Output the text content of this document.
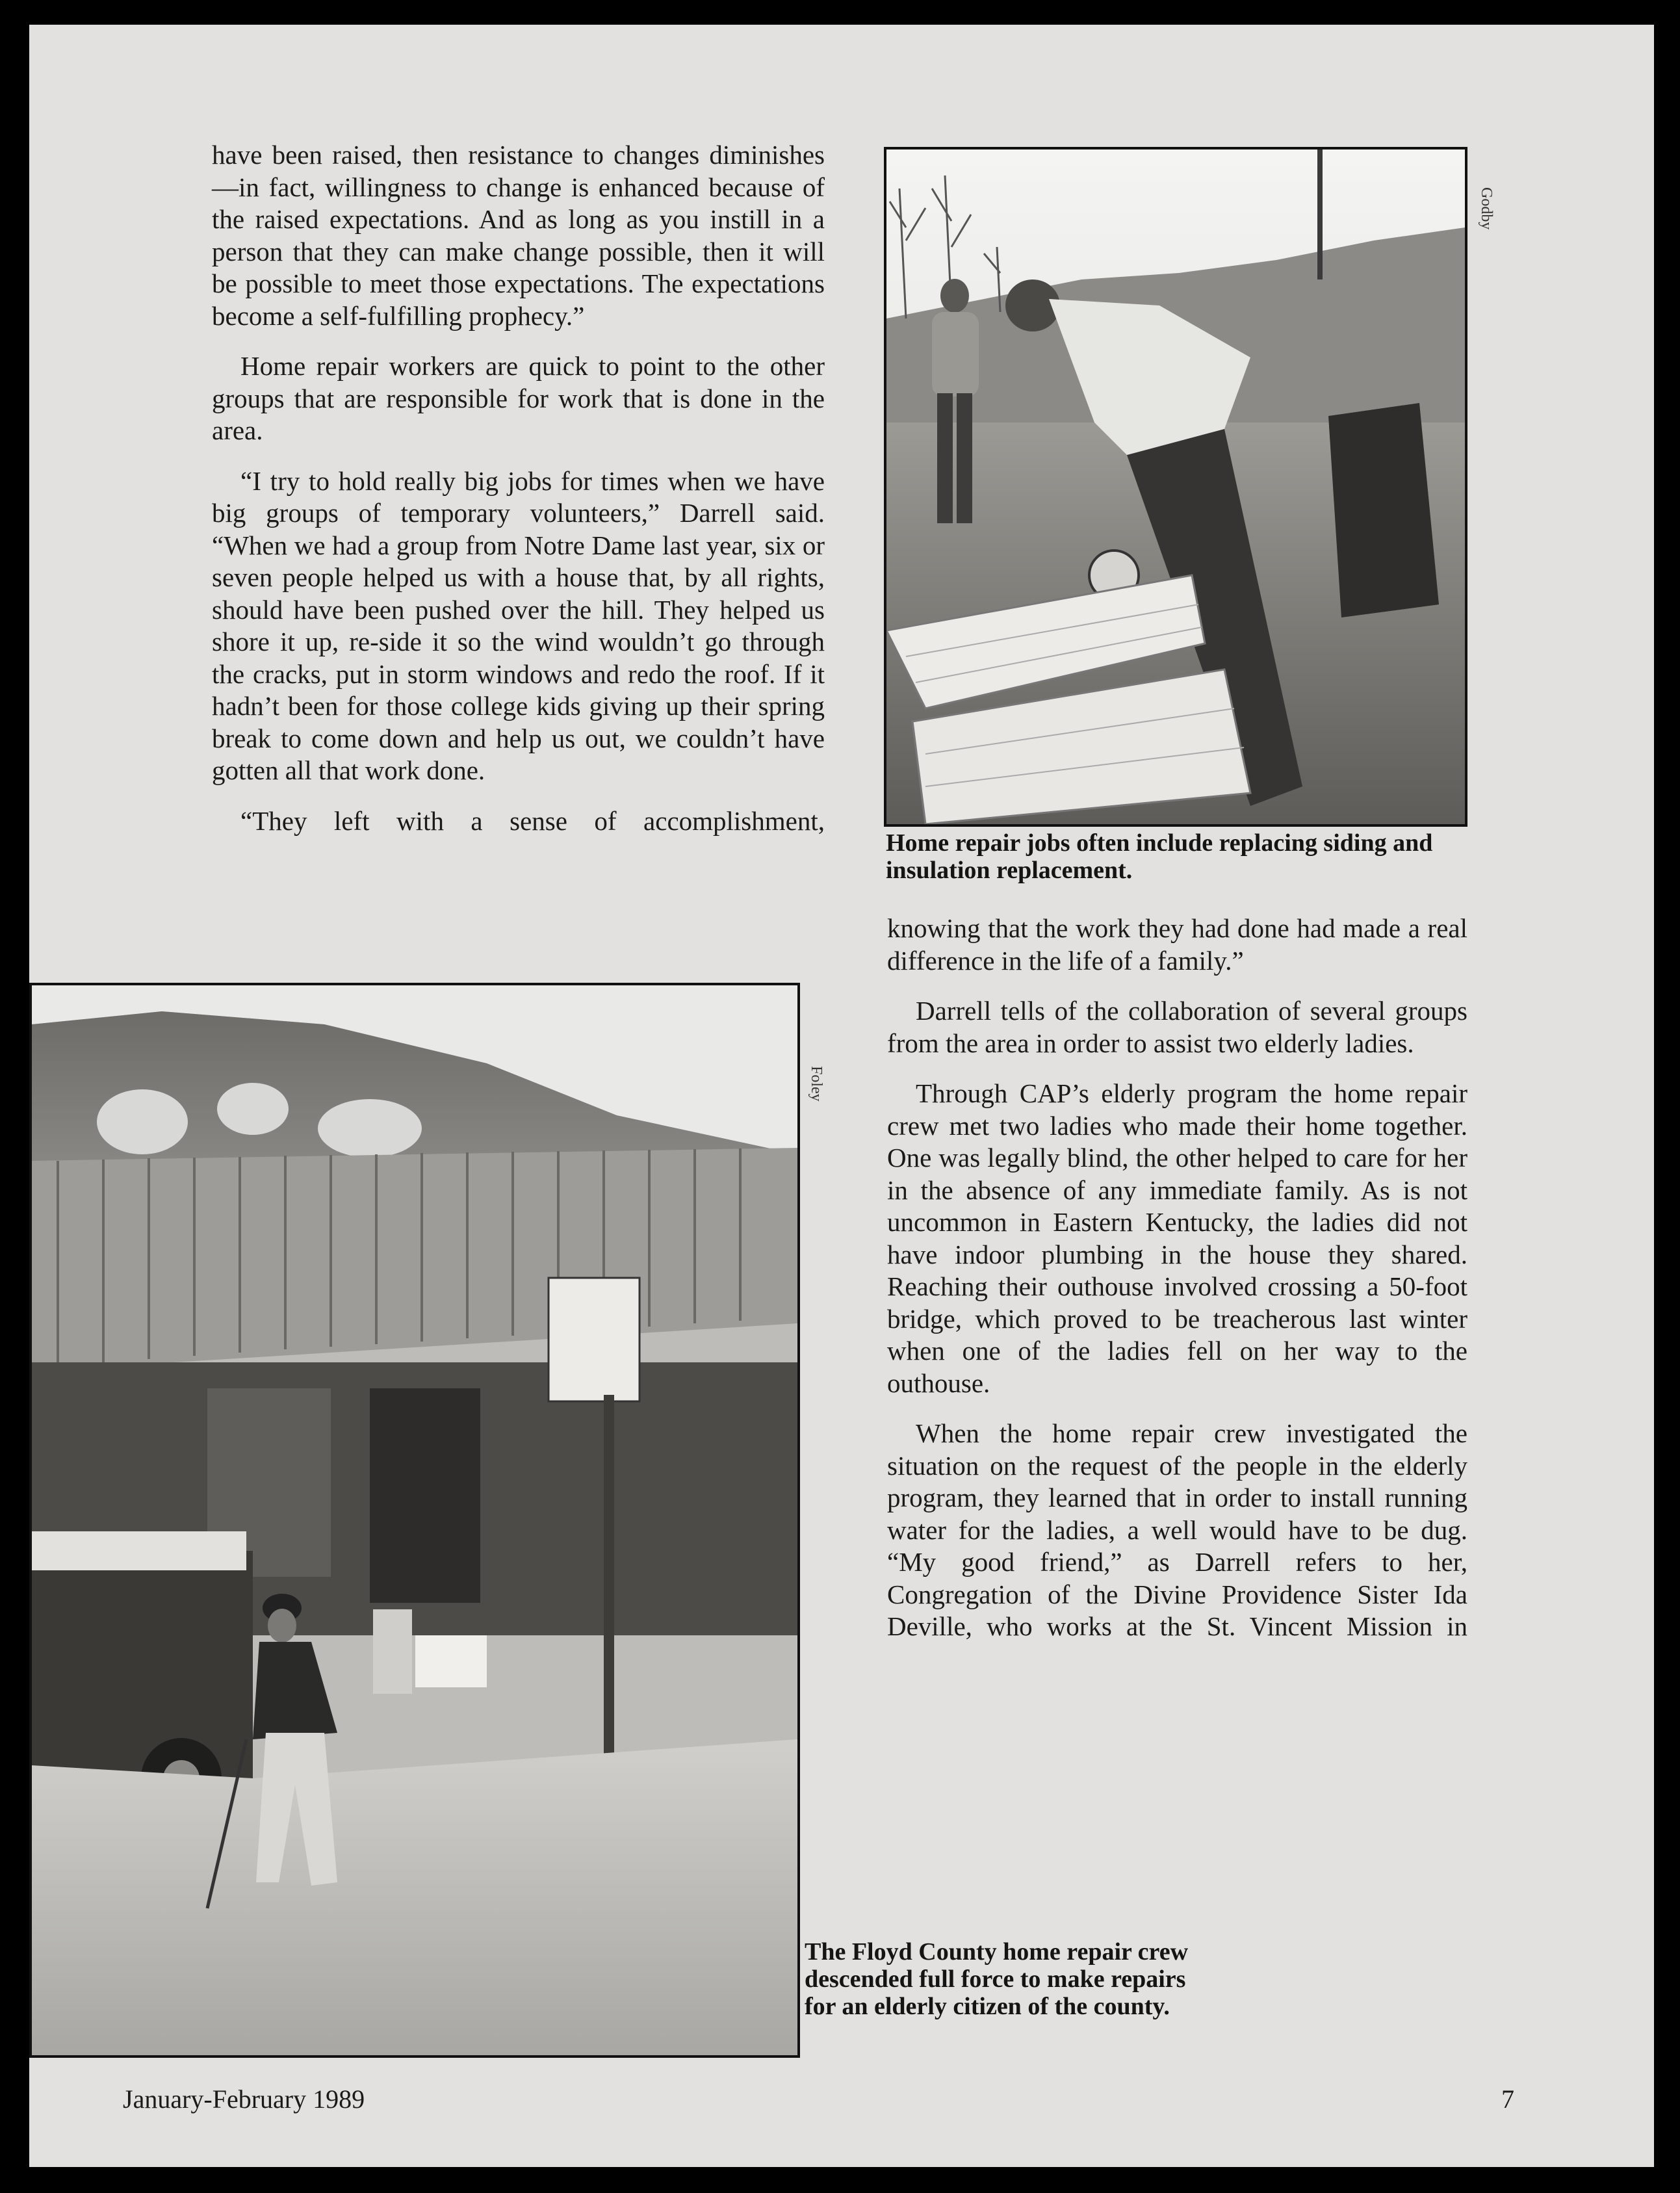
have been raised, then resistance to changes diminishes—in fact, willingness to change is enhanced because of the raised expectations. And as long as you instill in a person that they can make change possible, then it will be possible to meet those expectations. The expectations become a self-fulfilling prophecy.”

Home repair workers are quick to point to the other groups that are responsible for work that is done in the area.

“I try to hold really big jobs for times when we have big groups of temporary volunteers,” Darrell said. “When we had a group from Notre Dame last year, six or seven people helped us with a house that, by all rights, should have been pushed over the hill. They helped us shore it up, re-side it so the wind wouldn’t go through the cracks, put in storm windows and redo the roof. If it hadn’t been for those college kids giving up their spring break to come down and help us out, we couldn’t have gotten all that work done.

“They left with a sense of accomplishment,

Godby
Home repair jobs often include replacing siding and insulation replacement.

knowing that the work they had done had made a real difference in the life of a family.”

Darrell tells of the collaboration of several groups from the area in order to assist two elderly ladies.

Through CAP’s elderly program the home repair crew met two ladies who made their home together. One was legally blind, the other helped to care for her in the absence of any immediate family. As is not uncommon in Eastern Kentucky, the ladies did not have indoor plumbing in the house they shared. Reaching their outhouse involved crossing a 50-foot bridge, which proved to be treacherous last winter when one of the ladies fell on her way to the outhouse.

When the home repair crew investigated the situation on the request of the people in the elderly program, they learned that in order to install running water for the ladies, a well would have to be dug. “My good friend,” as Darrell refers to her, Congregation of the Divine Providence Sister Ida Deville, who works at the St. Vincent Mission in

Foley
The Floyd County home repair crew descended full force to make repairs for an elderly citizen of the county.
January-February 1989	7
